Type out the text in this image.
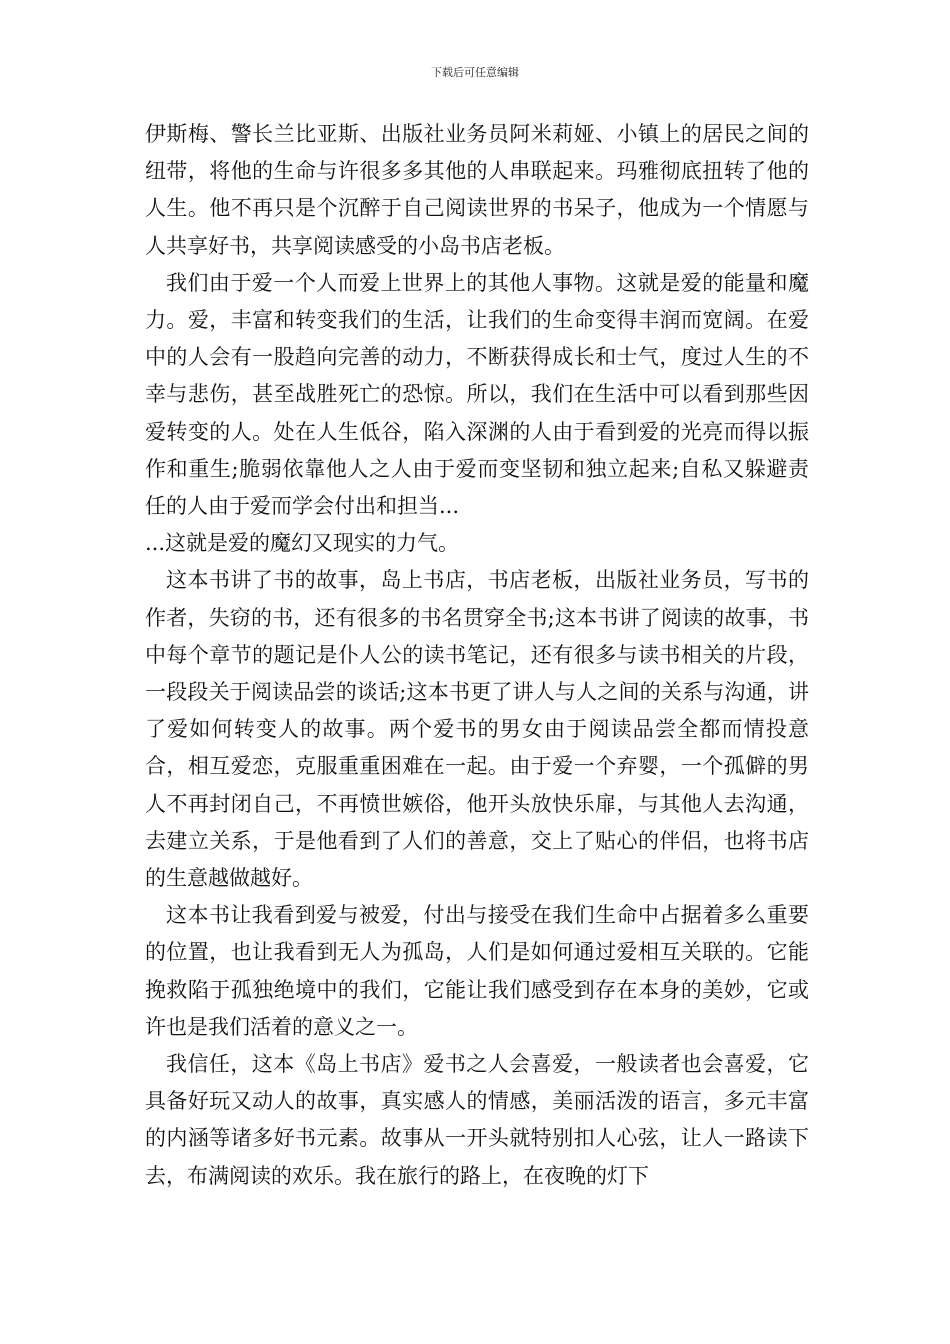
下载后可任意编辑

伊斯梅、警长兰比亚斯、出版社业务员阿米莉娅、小镇上的居民之间的纽带，将他的生命与许很多多其他的人串联起来。玛雅彻底扭转了他的人生。他不再只是个沉醉于自己阅读世界的书呆子，他成为一个情愿与人共享好书，共享阅读感受的小岛书店老板。

我们由于爱一个人而爱上世界上的其他人事物。这就是爱的能量和魔力。爱，丰富和转变我们的生活，让我们的生命变得丰润而宽阔。在爱中的人会有一股趋向完善的动力，不断获得成长和士气，度过人生的不幸与悲伤，甚至战胜死亡的恐惊。所以，我们在生活中可以看到那些因爱转变的人。处在人生低谷，陷入深渊的人由于看到爱的光亮而得以振作和重生;脆弱依靠他人之人由于爱而变坚韧和独立起来;自私又躲避责任的人由于爱而学会付出和担当...

...这就是爱的魔幻又现实的力气。

这本书讲了书的故事，岛上书店，书店老板，出版社业务员，写书的作者，失窃的书，还有很多的书名贯穿全书;这本书讲了阅读的故事，书中每个章节的题记是仆人公的读书笔记，还有很多与读书相关的片段，一段段关于阅读品尝的谈话;这本书更了讲人与人之间的关系与沟通，讲了爱如何转变人的故事。两个爱书的男女由于阅读品尝全都而情投意合，相互爱恋，克服重重困难在一起。由于爱一个弃婴，一个孤僻的男人不再封闭自己，不再愤世嫉俗，他开头放快乐扉，与其他人去沟通，去建立关系，于是他看到了人们的善意，交上了贴心的伴侣，也将书店的生意越做越好。

这本书让我看到爱与被爱，付出与接受在我们生命中占据着多么重要的位置，也让我看到无人为孤岛，人们是如何通过爱相互关联的。它能挽救陷于孤独绝境中的我们，它能让我们感受到存在本身的美妙，它或许也是我们活着的意义之一。

我信任，这本《岛上书店》爱书之人会喜爱，一般读者也会喜爱，它具备好玩又动人的故事，真实感人的情感，美丽活泼的语言，多元丰富的内涵等诸多好书元素。故事从一开头就特别扣人心弦，让人一路读下去，布满阅读的欢乐。我在旅行的路上，在夜晚的灯下
